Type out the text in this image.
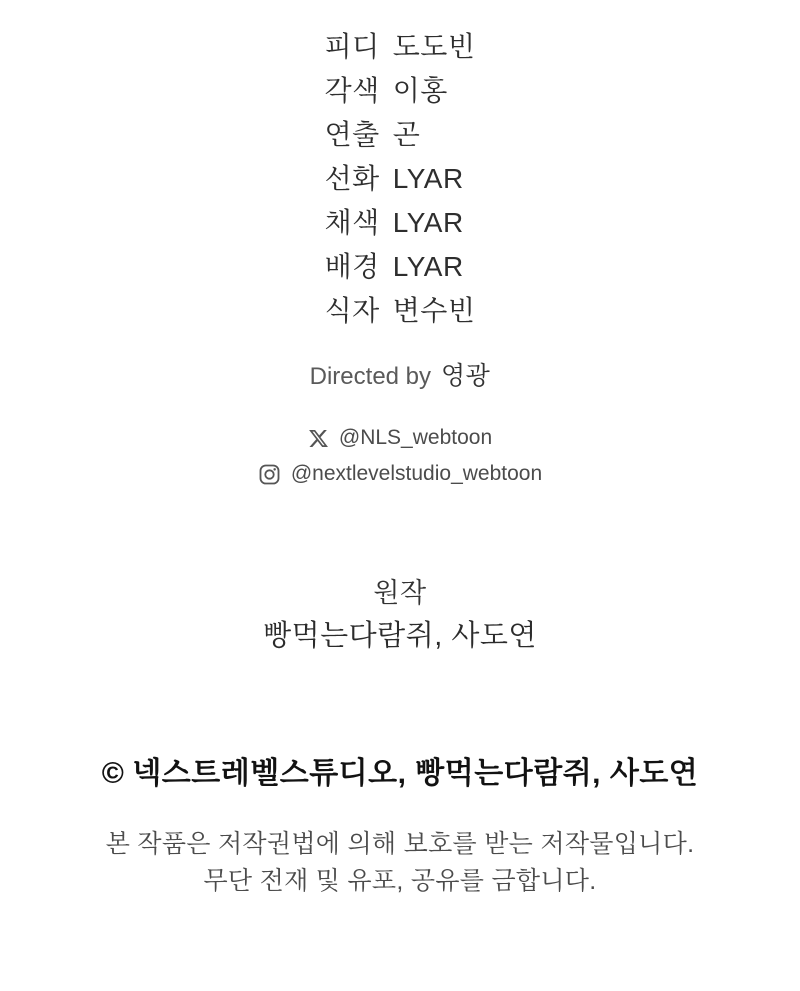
피디 도도빈
각색 이홍
연출 곤
선화 LYAR
채색 LYAR
배경 LYAR
식자 변수빈
Directed by 영광
@NLS_webtoon
@nextlevelstudio_webtoon
원작
빵먹는다람쥐, 사도연
© 넥스트레벨스튜디오, 빵먹는다람쥐, 사도연
본 작품은 저작권법에 의해 보호를 받는 저작물입니다.
무단 전재 및 유포, 공유를 금합니다.
